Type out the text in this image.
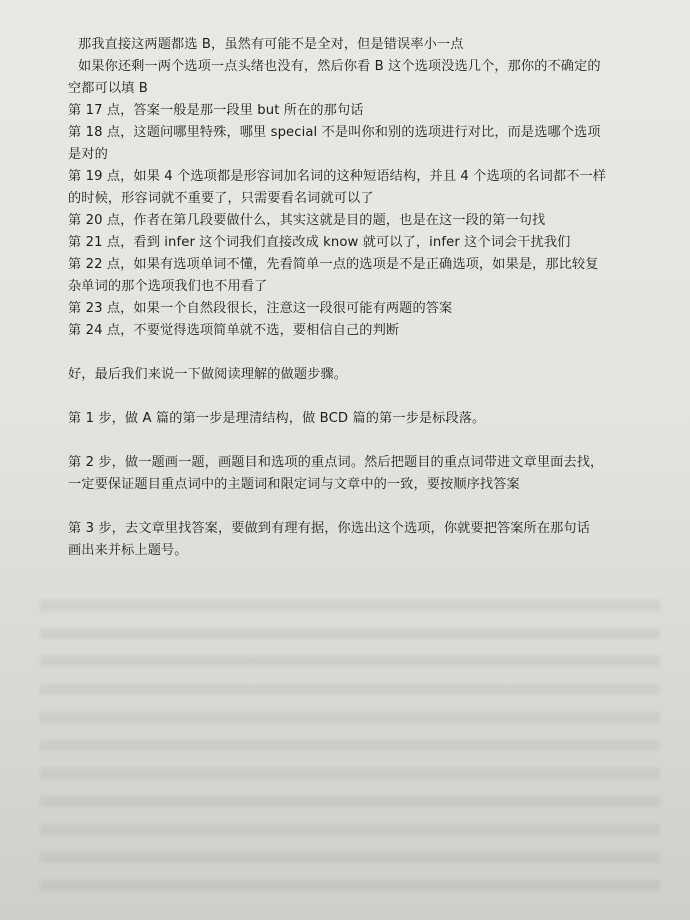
那我直接这两题都选 B，虽然有可能不是全对，但是错误率小一点
如果你还剩一两个选项一点头绪也没有，然后你看 B 这个选项没选几个，那你的不确定的
空都可以填 B
第 17 点，答案一般是那一段里 but 所在的那句话
第 18 点，这题问哪里特殊，哪里 special 不是叫你和别的选项进行对比，而是选哪个选项
是对的
第 19 点，如果 4 个选项都是形容词加名词的这种短语结构，并且 4 个选项的名词都不一样
的时候，形容词就不重要了，只需要看名词就可以了
第 20 点，作者在第几段要做什么，其实这就是目的题，也是在这一段的第一句找
第 21 点，看到 infer 这个词我们直接改成 know 就可以了，infer 这个词会干扰我们
第 22 点，如果有选项单词不懂，先看简单一点的选项是不是正确选项，如果是，那比较复
杂单词的那个选项我们也不用看了
第 23 点，如果一个自然段很长，注意这一段很可能有两题的答案
第 24 点，不要觉得选项简单就不选，要相信自己的判断
好，最后我们来说一下做阅读理解的做题步骤。
第 1 步，做 A 篇的第一步是理清结构，做 BCD 篇的第一步是标段落。
第 2 步，做一题画一题，画题目和选项的重点词。然后把题目的重点词带进文章里面去找，
一定要保证题目重点词中的主题词和限定词与文章中的一致，要按顺序找答案
第 3 步，去文章里找答案，要做到有理有据，你选出这个选项，你就要把答案所在那句话
画出来并标上题号。
